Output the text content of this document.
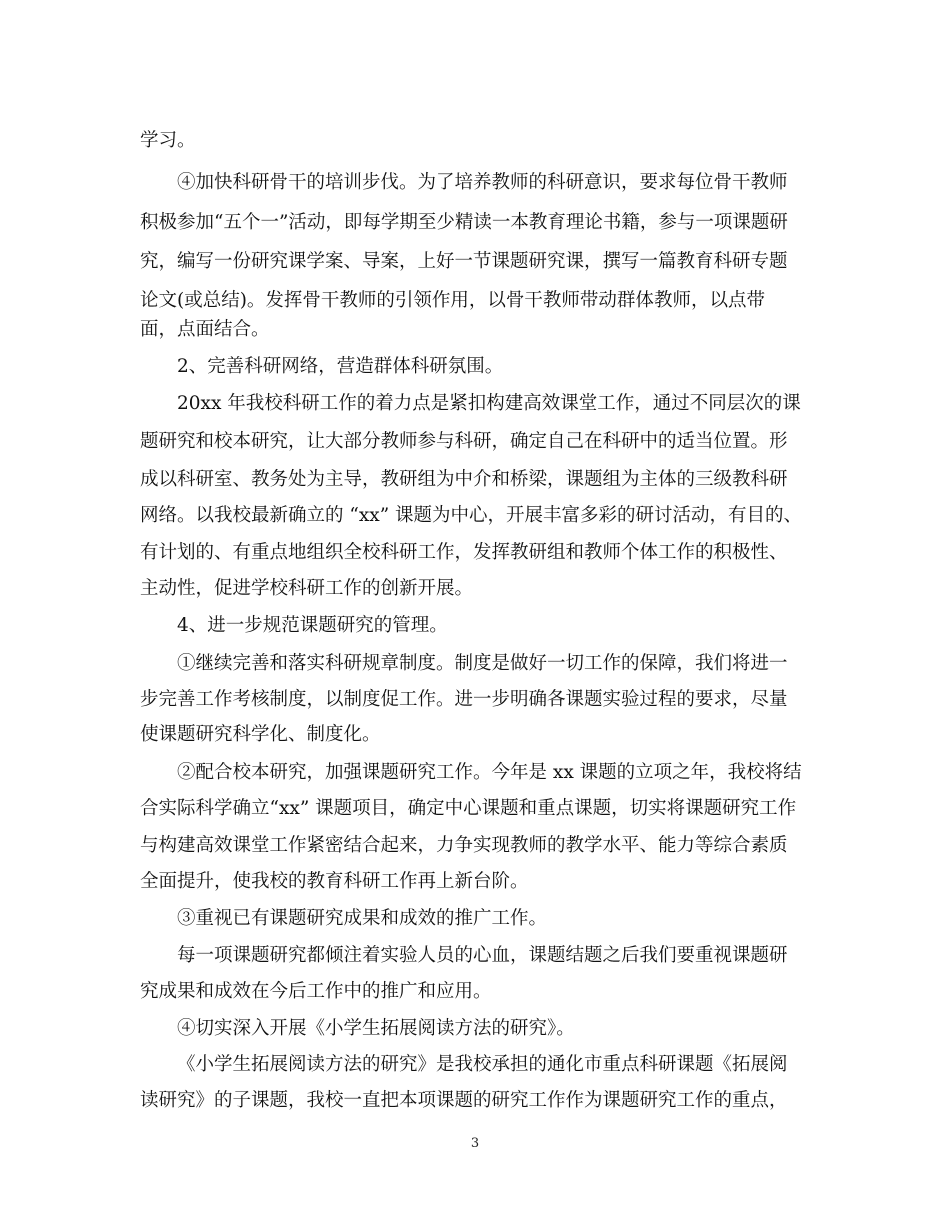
学习。
④加快科研骨干的培训步伐。为了培养教师的科研意识，要求每位骨干教师
积极参加“五个一”活动，即每学期至少精读一本教育理论书籍，参与一项课题研
究，编写一份研究课学案、导案，上好一节课题研究课，撰写一篇教育科研专题
论文(或总结)。发挥骨干教师的引领作用，以骨干教师带动群体教师，以点带
面，点面结合。
2、完善科研网络，营造群体科研氛围。
20xx 年我校科研工作的着力点是紧扣构建高效课堂工作，通过不同层次的课
题研究和校本研究，让大部分教师参与科研，确定自己在科研中的适当位置。形
成以科研室、教务处为主导，教研组为中介和桥梁，课题组为主体的三级教科研
网络。以我校最新确立的 “xx” 课题为中心，开展丰富多彩的研讨活动，有目的、
有计划的、有重点地组织全校科研工作，发挥教研组和教师个体工作的积极性、
主动性，促进学校科研工作的创新开展。
4、进一步规范课题研究的管理。
①继续完善和落实科研规章制度。制度是做好一切工作的保障，我们将进一
步完善工作考核制度，以制度促工作。进一步明确各课题实验过程的要求，尽量
使课题研究科学化、制度化。
②配合校本研究，加强课题研究工作。今年是 xx 课题的立项之年，我校将结
合实际科学确立“xx” 课题项目，确定中心课题和重点课题，切实将课题研究工作
与构建高效课堂工作紧密结合起来，力争实现教师的教学水平、能力等综合素质
全面提升，使我校的教育科研工作再上新台阶。
③重视已有课题研究成果和成效的推广工作。
每一项课题研究都倾注着实验人员的心血，课题结题之后我们要重视课题研
究成果和成效在今后工作中的推广和应用。
④切实深入开展《小学生拓展阅读方法的研究》。
《小学生拓展阅读方法的研究》是我校承担的通化市重点科研课题《拓展阅
读研究》的子课题，我校一直把本项课题的研究工作作为课题研究工作的重点，
3
